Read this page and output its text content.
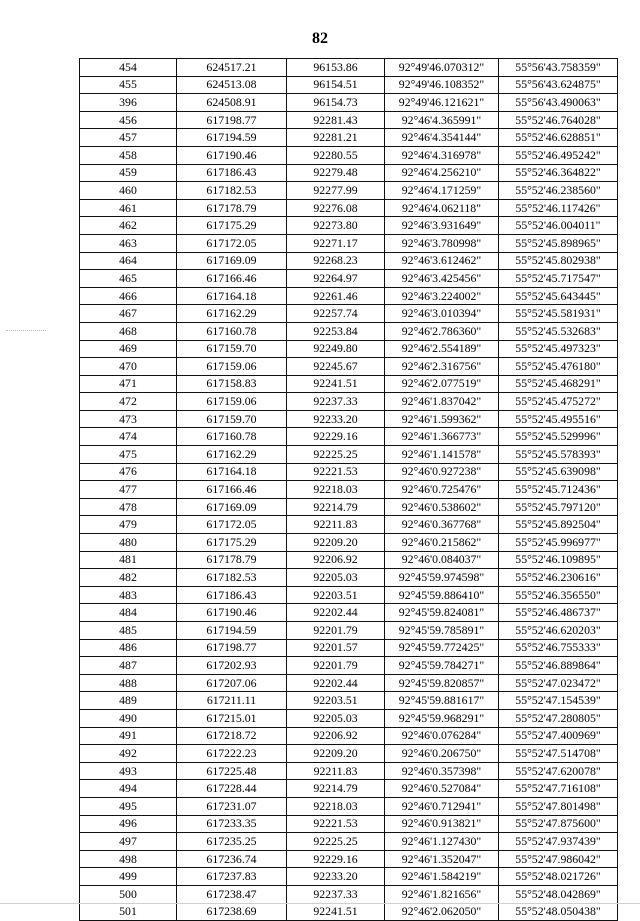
82
454	624517.21	96153.86	92°49'46.070312"	55°56'43.758359"
455	624513.08	96154.51	92°49'46.108352"	55°56'43.624875"
396	624508.91	96154.73	92°49'46.121621"	55°56'43.490063"
456	617198.77	92281.43	92°46'4.365991"	55°52'46.764028"
457	617194.59	92281.21	92°46'4.354144"	55°52'46.628851"
458	617190.46	92280.55	92°46'4.316978"	55°52'46.495242"
459	617186.43	92279.48	92°46'4.256210"	55°52'46.364822"
460	617182.53	92277.99	92°46'4.171259"	55°52'46.238560"
461	617178.79	92276.08	92°46'4.062118"	55°52'46.117426"
462	617175.29	92273.80	92°46'3.931649"	55°52'46.004011"
463	617172.05	92271.17	92°46'3.780998"	55°52'45.898965"
464	617169.09	92268.23	92°46'3.612462"	55°52'45.802938"
465	617166.46	92264.97	92°46'3.425456"	55°52'45.717547"
466	617164.18	92261.46	92°46'3.224002"	55°52'45.643445"
467	617162.29	92257.74	92°46'3.010394"	55°52'45.581931"
468	617160.78	92253.84	92°46'2.786360"	55°52'45.532683"
469	617159.70	92249.80	92°46'2.554189"	55°52'45.497323"
470	617159.06	92245.67	92°46'2.316756"	55°52'45.476180"
471	617158.83	92241.51	92°46'2.077519"	55°52'45.468291"
472	617159.06	92237.33	92°46'1.837042"	55°52'45.475272"
473	617159.70	92233.20	92°46'1.599362"	55°52'45.495516"
474	617160.78	92229.16	92°46'1.366773"	55°52'45.529996"
475	617162.29	92225.25	92°46'1.141578"	55°52'45.578393"
476	617164.18	92221.53	92°46'0.927238"	55°52'45.639098"
477	617166.46	92218.03	92°46'0.725476"	55°52'45.712436"
478	617169.09	92214.79	92°46'0.538602"	55°52'45.797120"
479	617172.05	92211.83	92°46'0.367768"	55°52'45.892504"
480	617175.29	92209.20	92°46'0.215862"	55°52'45.996977"
481	617178.79	92206.92	92°46'0.084037"	55°52'46.109895"
482	617182.53	92205.03	92°45'59.974598"	55°52'46.230616"
483	617186.43	92203.51	92°45'59.886410"	55°52'46.356550"
484	617190.46	92202.44	92°45'59.824081"	55°52'46.486737"
485	617194.59	92201.79	92°45'59.785891"	55°52'46.620203"
486	617198.77	92201.57	92°45'59.772425"	55°52'46.755333"
487	617202.93	92201.79	92°45'59.784271"	55°52'46.889864"
488	617207.06	92202.44	92°45'59.820857"	55°52'47.023472"
489	617211.11	92203.51	92°45'59.881617"	55°52'47.154539"
490	617215.01	92205.03	92°45'59.968291"	55°52'47.280805"
491	617218.72	92206.92	92°46'0.076284"	55°52'47.400969"
492	617222.23	92209.20	92°46'0.206750"	55°52'47.514708"
493	617225.48	92211.83	92°46'0.357398"	55°52'47.620078"
494	617228.44	92214.79	92°46'0.527084"	55°52'47.716108"
495	617231.07	92218.03	92°46'0.712941"	55°52'47.801498"
496	617233.35	92221.53	92°46'0.913821"	55°52'47.875600"
497	617235.25	92225.25	92°46'1.127430"	55°52'47.937439"
498	617236.74	92229.16	92°46'1.352047"	55°52'47.986042"
499	617237.83	92233.20	92°46'1.584219"	55°52'48.021726"
500	617238.47	92237.33	92°46'1.821656"	55°52'48.042869"
501	617238.69	92241.51	92°46'2.062050"	55°52'48.050438"
